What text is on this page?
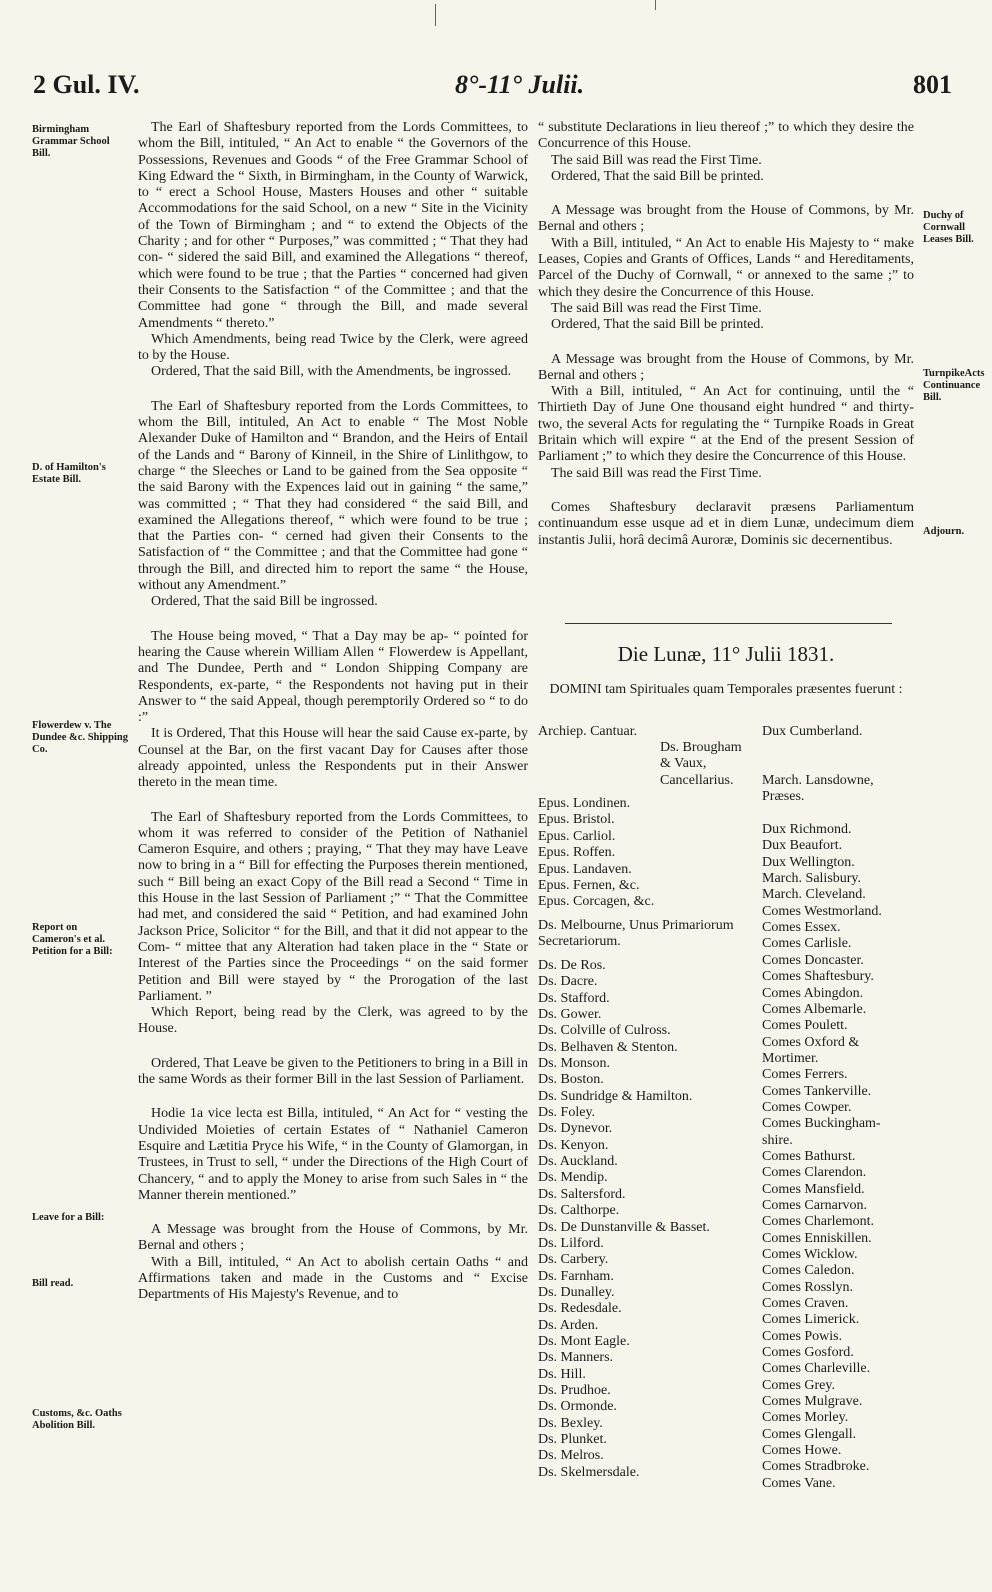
2 Gul. IV.	8°-11° Julii.	801
Birmingham Grammar School Bill.
D. of Hamilton's Estate Bill.
Flowerdew v. The Dundee &c. Shipping Co.
Report on Cameron's et al. Petition for a Bill:
Leave for a Bill:
Bill read.
Customs, &c. Oaths Abolition Bill.
Duchy of Cornwall Leases Bill.
TurnpikeActs Continuance Bill.
Adjourn.

The Earl of Shaftesbury reported from the Lords Committees, to whom the Bill, intituled, “ An Act to enable “ the Governors of the Possessions, Revenues and Goods “ of the Free Grammar School of King Edward the “ Sixth, in Birmingham, in the County of Warwick, to “ erect a School House, Masters Houses and other “ suitable Accommodations for the said School, on a new “ Site in the Vicinity of the Town of Birmingham ; and “ to extend the Objects of the Charity ; and for other “ Purposes,” was committed ; “ That they had con- “ sidered the said Bill, and examined the Allegations “ thereof, which were found to be true ; that the Parties “ concerned had given their Consents to the Satisfaction “ of the Committee ; and that the Committee had gone “ through the Bill, and made several Amendments “ thereto.”

Which Amendments, being read Twice by the Clerk, were agreed to by the House.

Ordered, That the said Bill, with the Amendments, be ingrossed.

The Earl of Shaftesbury reported from the Lords Committees, to whom the Bill, intituled, An Act to enable “ The Most Noble Alexander Duke of Hamilton and “ Brandon, and the Heirs of Entail of the Lands and “ Barony of Kinneil, in the Shire of Linlithgow, to charge “ the Sleeches or Land to be gained from the Sea opposite “ the said Barony with the Expences laid out in gaining “ the same,” was committed ; “ That they had considered “ the said Bill, and examined the Allegations thereof, “ which were found to be true ; that the Parties con- “ cerned had given their Consents to the Satisfaction of “ the Committee ; and that the Committee had gone “ through the Bill, and directed him to report the same “ the House, without any Amendment.”

Ordered, That the said Bill be ingrossed.

The House being moved, “ That a Day may be ap- “ pointed for hearing the Cause wherein William Allen “ Flowerdew is Appellant, and The Dundee, Perth and “ London Shipping Company are Respondents, ex-parte, “ the Respondents not having put in their Answer to “ the said Appeal, though peremptorily Ordered so “ to do :”

It is Ordered, That this House will hear the said Cause ex-parte, by Counsel at the Bar, on the first vacant Day for Causes after those already appointed, unless the Respondents put in their Answer thereto in the mean time.

The Earl of Shaftesbury reported from the Lords Committees, to whom it was referred to consider of the Petition of Nathaniel Cameron Esquire, and others ; praying, “ That they may have Leave now to bring in a “ Bill for effecting the Purposes therein mentioned, such “ Bill being an exact Copy of the Bill read a Second “ Time in this House in the last Session of Parliament ;” “ That the Committee had met, and considered the said “ Petition, and had examined John Jackson Price, Solicitor “ for the Bill, and that it did not appear to the Com- “ mittee that any Alteration had taken place in the “ State or Interest of the Parties since the Proceedings “ on the said former Petition and Bill were stayed by “ the Prorogation of the last Parliament. ”

Which Report, being read by the Clerk, was agreed to by the House.

Ordered, That Leave be given to the Petitioners to bring in a Bill in the same Words as their former Bill in the last Session of Parliament.

Hodie 1a vice lecta est Billa, intituled, “ An Act for “ vesting the Undivided Moieties of certain Estates of “ Nathaniel Cameron Esquire and Lætitia Pryce his Wife, “ in the County of Glamorgan, in Trustees, in Trust to sell, “ under the Directions of the High Court of Chancery, “ and to apply the Money to arise from such Sales in “ the Manner therein mentioned.”

A Message was brought from the House of Commons, by Mr. Bernal and others ;

With a Bill, intituled, “ An Act to abolish certain Oaths “ and Affirmations taken and made in the Customs and “ Excise Departments of His Majesty's Revenue, and to

“ substitute Declarations in lieu thereof ;” to which they desire the Concurrence of this House.

The said Bill was read the First Time.

Ordered, That the said Bill be printed.

A Message was brought from the House of Commons, by Mr. Bernal and others ;

With a Bill, intituled, “ An Act to enable His Majesty to “ make Leases, Copies and Grants of Offices, Lands “ and Hereditaments, Parcel of the Duchy of Cornwall, “ or annexed to the same ;” to which they desire the Concurrence of this House.

The said Bill was read the First Time.

Ordered, That the said Bill be printed.

A Message was brought from the House of Commons, by Mr. Bernal and others ;

With a Bill, intituled, “ An Act for continuing, until the “ Thirtieth Day of June One thousand eight hundred “ and thirty-two, the several Acts for regulating the “ Turnpike Roads in Great Britain which will expire “ at the End of the present Session of Parliament ;” to which they desire the Concurrence of this House.

The said Bill was read the First Time.

Comes Shaftesbury declaravit præsens Parliamentum continuandum esse usque ad et in diem Lunæ, undecimum diem instantis Julii, horâ decimâ Auroræ, Dominis sic decernentibus.

Die Lunæ, 11° Julii 1831.
DOMINI tam Spirituales quam Temporales præsentes fuerunt :
Archiep. Cantuar.
Ds. Brougham
& Vaux,
Cancellarius.
Epus. Londinen.
Epus. Bristol.
Epus. Carliol.
Epus. Roffen.
Epus. Landaven.
Epus. Fernen, &c.
Epus. Corcagen, &c.
Ds. Melbourne, Unus Primariorum
Secretariorum.
Ds. De Ros.
Ds. Dacre.
Ds. Stafford.
Ds. Gower.
Ds. Colville of Culross.
Ds. Belhaven & Stenton.
Ds. Monson.
Ds. Boston.
Ds. Sundridge & Hamilton.
Ds. Foley.
Ds. Dynevor.
Ds. Kenyon.
Ds. Auckland.
Ds. Mendip.
Ds. Saltersford.
Ds. Calthorpe.
Ds. De Dunstanville & Basset.
Ds. Lilford.
Ds. Carbery.
Ds. Farnham.
Ds. Dunalley.
Ds. Redesdale.
Ds. Arden.
Ds. Mont Eagle.
Ds. Manners.
Ds. Hill.
Ds. Prudhoe.
Ds. Ormonde.
Ds. Bexley.
Ds. Plunket.
Ds. Melros.
Ds. Skelmersdale.
Dux Cumberland.

March. Lansdowne,
Præses.

Dux Richmond.
Dux Beaufort.
Dux Wellington.
March. Salisbury.
March. Cleveland.
Comes Westmorland.
Comes Essex.
Comes Carlisle.
Comes Doncaster.
Comes Shaftesbury.
Comes Abingdon.
Comes Albemarle.
Comes Poulett.
Comes Oxford &
Mortimer.
Comes Ferrers.
Comes Tankerville.
Comes Cowper.
Comes Buckingham-
shire.
Comes Bathurst.
Comes Clarendon.
Comes Mansfield.
Comes Carnarvon.
Comes Charlemont.
Comes Enniskillen.
Comes Wicklow.
Comes Caledon.
Comes Rosslyn.
Comes Craven.
Comes Limerick.
Comes Powis.
Comes Gosford.
Comes Charleville.
Comes Grey.
Comes Mulgrave.
Comes Morley.
Comes Glengall.
Comes Howe.
Comes Stradbroke.
Comes Vane.
